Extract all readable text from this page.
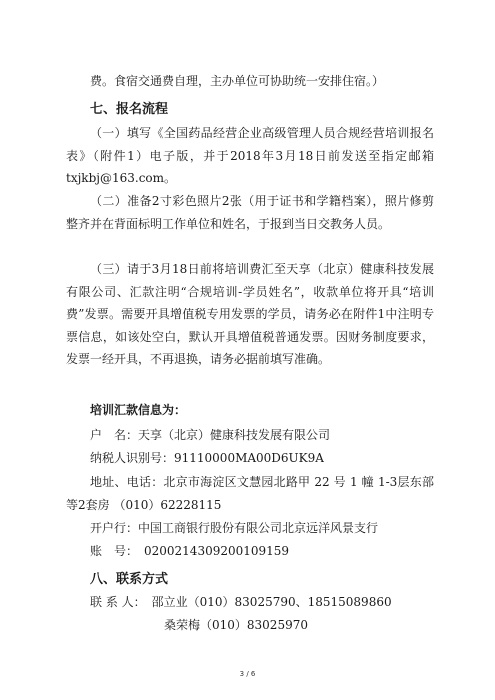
费。食宿交通费自理，主办单位可协助统一安排住宿。）

七、报名流程

（一）填写《全国药品经营企业高级管理人员合规经营培训报名表》（附件1）电子版，并于2018年3月18日前发送至指定邮箱txjkbj@163.com。

（二）准备2寸彩色照片2张（用于证书和学籍档案），照片修剪整齐并在背面标明工作单位和姓名，于报到当日交教务人员。

（三）请于3月18日前将培训费汇至天享（北京）健康科技发展有限公司、汇款注明“合规培训-学员姓名”，收款单位将开具“培训费”发票。需要开具增值税专用发票的学员，请务必在附件1中注明专票信息，如该处空白，默认开具增值税普通发票。因财务制度要求，发票一经开具，不再退换，请务必据前填写准确。

培训汇款信息为：

户　名：天享（北京）健康科技发展有限公司

纳税人识别号：91110000MA00D6UK9A

地址、电话：北京市海淀区文慧园北路甲 22 号 1 幢 1-3层东部等2套房 （010）62228115

开户行：中国工商银行股份有限公司北京远洋风景支行

账　号：　0200214309200109159

八、联系方式

联 系 人：　邵立业（010）83025790、18515089860

桑荣梅（010）83025970

3 / 6
